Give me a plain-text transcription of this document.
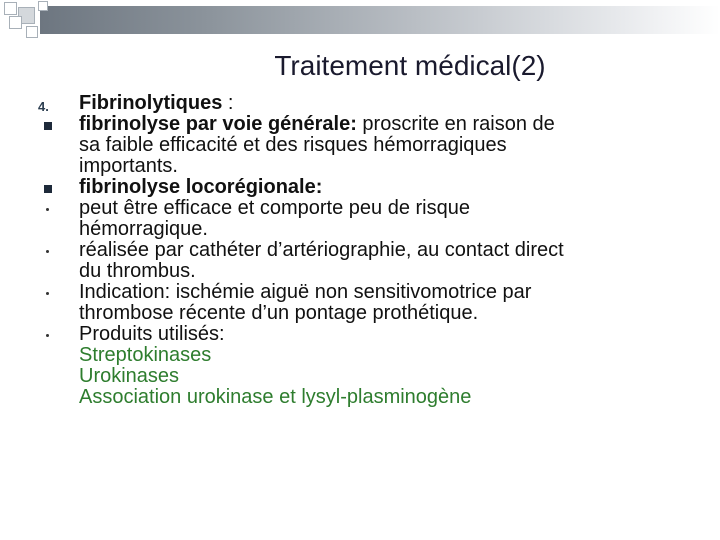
Traitement médical(2)
4.	Fibrinolytiques :
fibrinolyse par voie générale: proscrite en raison de
sa faible efficacité et des risques hémorragiques
importants.
fibrinolyse locorégionale:
peut être efficace et comporte peu de risque
hémorragique.
réalisée par cathéter d’artériographie, au contact direct
du thrombus.
Indication: ischémie aiguë non sensitivomotrice par
thrombose récente d’un pontage prothétique.
Produits utilisés:
Streptokinases
Urokinases
Association urokinase et lysyl-plasminogène
